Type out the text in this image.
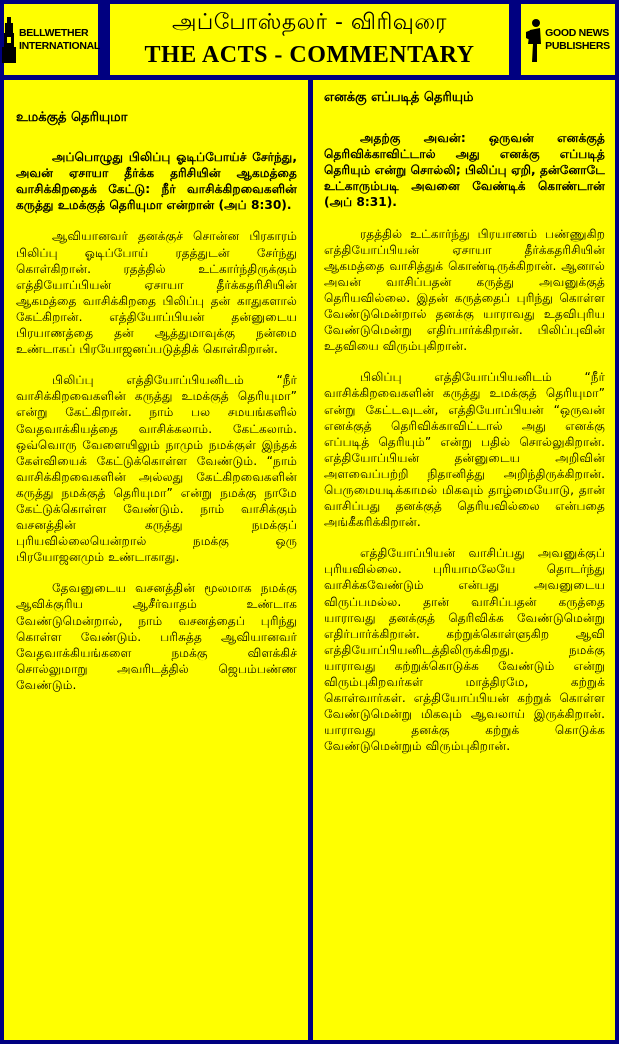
BELLWETHER
INTERNATIONAL
அப்போஸ்தலர் - விரிவுரை
THE ACTS - COMMENTARY
GOOD NEWS
PUBLISHERS
உமக்குத் தெரியுமா

அப்பொழுது பிலிப்பு ஓடிப்போய்ச் சேர்ந்து, அவன் ஏசாயா தீர்க்க தரிசியின் ஆகமத்தை வாசிக்கிறதைக் கேட்டு: நீர் வாசிக்கிறவைகளின் கருத்து உமக்குத் தெரியுமா என்றான் (அப் 8:30).

ஆவியானவர் தனக்குச் சொன்ன பிரகாரம் பிலிப்பு ஓடிப்போய் ரதத்துடன் சேர்ந்து கொள்கிறான். ரதத்தில் உட்கார்ந்திருக்கும் எத்தியோப்பியன் ஏசாயா தீர்க்கதரிசியின் ஆகமத்தை வாசிக்கிறதை பிலிப்பு தன் காதுகளால் கேட்கிறான். எத்தியோப்பியன் தன்னுடைய பிரயாணத்தை தன் ஆத்துமாவுக்கு நன்மை உண்டாகப் பிரயோஜனப்படுத்திக் கொள்கிறான்.

பிலிப்பு எத்தியோப்பியனிடம் “நீர் வாசிக்கிறவைகளின் கருத்து உமக்குத் தெரியுமா” என்று கேட்கிறான். நாம் பல சமயங்களில் வேதவாக்கியத்தை வாசிக்கலாம். கேட்கலாம். ஒவ்வொரு வேளையிலும் நாமும் நமக்குள் இந்தக் கேள்வியைக் கேட்டுக்கொள்ள வேண்டும். “நாம் வாசிக்கிறவைகளின் அல்லது கேட்கிறவைகளின் கருத்து நமக்குத் தெரியுமா” என்று நமக்கு நாமே கேட்டுக்கொள்ள வேண்டும். நாம் வாசிக்கும் வசனத்தின் கருத்து நமக்குப் புரியவில்லையென்றால் நமக்கு ஒரு பிரயோஜனமும் உண்டாகாது.

தேவனுடைய வசனத்தின் மூலமாக நமக்கு ஆவிக்குரிய ஆசீர்வாதம் உண்டாக வேண்டுமென்றால், நாம் வசனத்தைப் புரிந்து கொள்ள வேண்டும். பரிசுத்த ஆவியானவர் வேதவாக்கியங்களை நமக்கு விளக்கிச் சொல்லுமாறு அவரிடத்தில் ஜெபம்பண்ண வேண்டும்.

எனக்கு எப்படித் தெரியும்

அதற்கு அவன்: ஒருவன் எனக்குத் தெரிவிக்காவிட்டால் அது எனக்கு எப்படித் தெரியும் என்று சொல்லி; பிலிப்பு ஏறி, தன்னோடே உட்காரும்படி அவனை வேண்டிக் கொண்டான் (அப் 8:31).

ரதத்தில் உட்கார்ந்து பிரயாணம் பண்ணுகிற எத்தியோப்பியன் ஏசாயா தீர்க்கதரிசியின் ஆகமத்தை வாசித்துக் கொண்டிருக்கிறான். ஆனால் அவன் வாசிப்பதன் கருத்து அவனுக்குத் தெரியவில்லை. இதன் கருத்தைப் புரிந்து கொள்ள வேண்டுமென்றால் தனக்கு யாராவது உதவிபுரிய வேண்டுமென்று எதிர்பார்க்கிறான். பிலிப்புவின் உதவியை விரும்புகிறான்.

பிலிப்பு எத்தியோப்பியனிடம் “நீர் வாசிக்கிறவைகளின் கருத்து உமக்குத் தெரியுமா” என்று கேட்டவுடன், எத்தியோப்பியன் “ஒருவன் எனக்குத் தெரிவிக்காவிட்டால் அது எனக்கு எப்படித் தெரியும்” என்று பதில் சொல்லுகிறான். எத்தியோப்பியன் தன்னுடைய அறிவின் அளவைப்பற்றி நிதானித்து அறிந்திருக்கிறான். பெருமையடிக்காமல் மிகவும் தாழ்மையோடு, தான் வாசிப்பது தனக்குத் தெரியவில்லை என்பதை அங்கீகரிக்கிறான்.

எத்தியோப்பியன் வாசிப்பது அவனுக்குப் புரியவில்லை. புரியாமலேயே தொடர்ந்து வாசிக்கவேண்டும் என்பது அவனுடைய விருப்பமல்ல. தான் வாசிப்பதன் கருத்தை யாராவது தனக்குத் தெரிவிக்க வேண்டுமென்று எதிர்பார்க்கிறான். கற்றுக்கொள்ளுகிற ஆவி எத்தியோப்பியனிடத்திலிருக்கிறது. நமக்கு யாராவது கற்றுக்கொடுக்க வேண்டும் என்று விரும்புகிறவர்கள் மாத்திரமே, கற்றுக் கொள்வார்கள். எத்தியோப்பியன் கற்றுக் கொள்ள வேண்டுமென்று மிகவும் ஆவலாய் இருக்கிறான். யாராவது தனக்கு கற்றுக் கொடுக்க வேண்டுமென்றும் விரும்புகிறான்.
